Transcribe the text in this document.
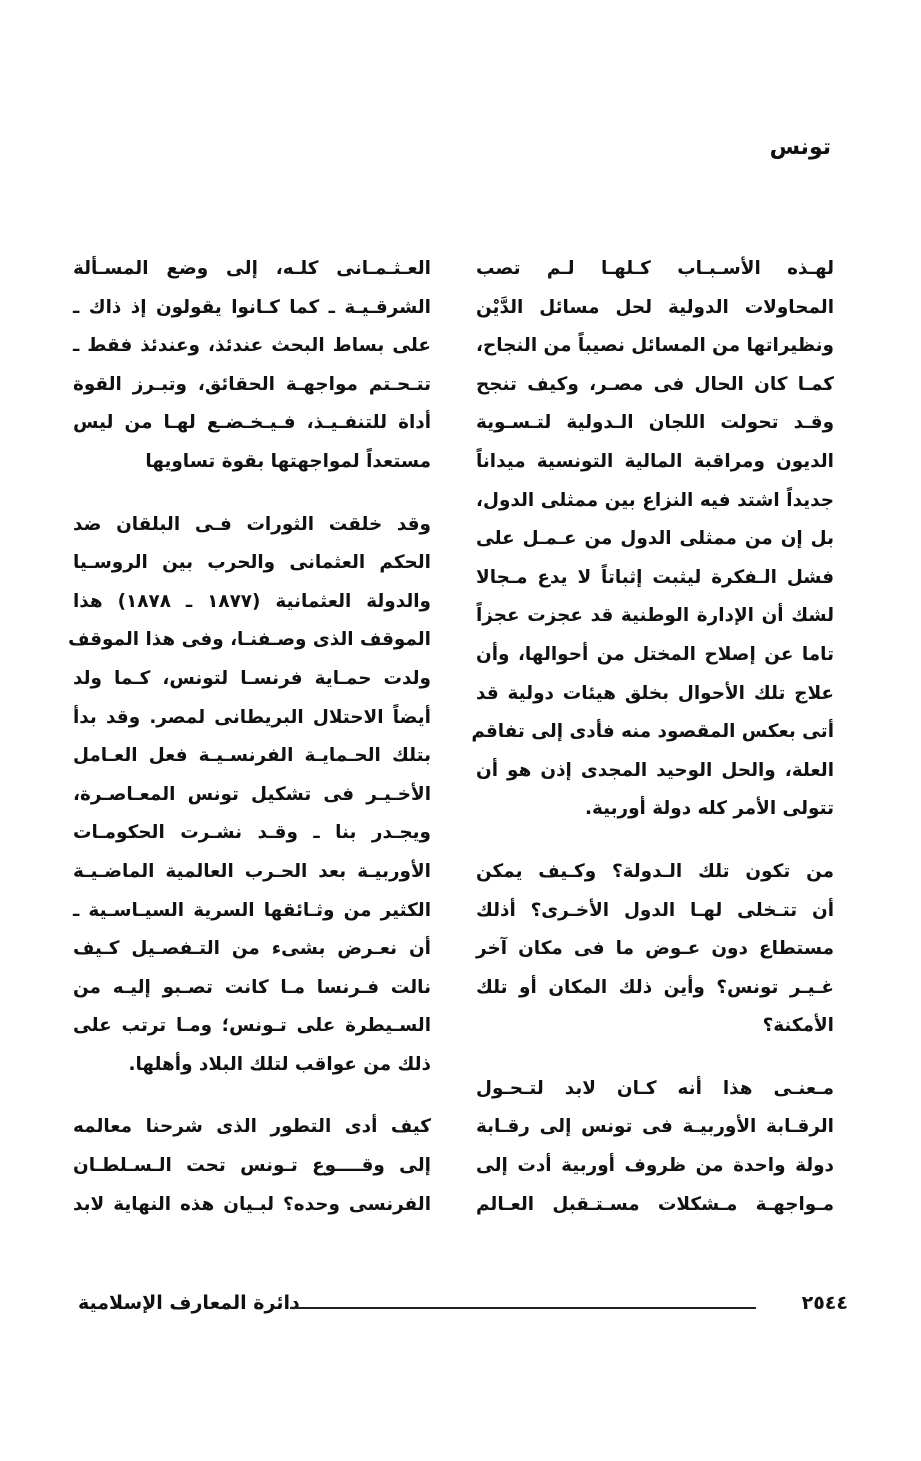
تونس

لهـذه الأسـبـاب كـلهـا لـم تصب
المحاولات الدولية لحل مسائل الدَّيْن
ونظيراتها من المسائل نصيباً من النجاح،
كمـا كان الحال فى مصـر، وكيف تنجح
وقـد تحولت اللجان الـدولية لتـسـوية
الديون ومراقبة المالية التونسية ميداناً
جديداً اشتد فيه النزاع بين ممثلى الدول،
بل إن من ممثلى الدول من عـمـل على
فشل الـفكرة ليثبت إثباتاً لا يدع مـجالا
لشك أن الإدارة الوطنية قد عجزت عجزاً
تاما عن إصلاح المختل من أحوالها، وأن
علاج تلك الأحوال بخلق هيئات دولية قد
أتى بعكس المقصود منه فأدى إلى تفاقم
العلة، والحل الوحيد المجدى إذن هو أن
تتولى الأمر كله دولة أوربية.

من تكون تلك الـدولة؟ وكـيف يمكن
أن تتـخلى لهـا الدول الأخـرى؟ أذلك
مستطاع دون عـوض ما فى مكان آخر
غـيـر تونس؟ وأين ذلك المكان أو تلك
الأمكنة؟

مـعنـى هذا أنه كـان لابد لتـحـول
الرقـابة الأوربيـة فى تونس إلى رقـابة
دولة واحدة من ظروف أوربية أدت إلى
مـواجهـة مـشكلات مسـتـقبل العـالم

العـثـمـانى كلـه، إلى وضع المسـألة
الشرقـيـة ـ كما كـانوا يقولون إذ ذاك ـ
على بساط البحث عندئذ، وعندئذ فقط ـ
تتـحـتم مواجهـة الحقائق، وتبـرز القوة
أداة للتنفـيـذ، فـيـخـضـع لهـا من ليس
مستعداً لمواجهتها بقوة تساويها

وقد خلقت الثورات فـى البلقان ضد
الحكم العثمانى والحرب بين الروسـيا
والدولة العثمانية (١٨٧٧ ـ ١٨٧٨) هذا
الموقف الذى وصـفنـا، وفى هذا الموقف
ولدت حمـاية فرنسـا لتونس، كـما ولد
أيضاً الاحتلال البريطانى لمصر. وقد بدأ
بتلك الحـمايـة الفرنسـيـة فعل العـامل
الأخـيـر فى تشكيل تونس المعـاصـرة،
ويجـدر بنا ـ وقـد نشـرت الحكومـات
الأوربيـة بعد الحـرب العالمية الماضـيـة
الكثير من وثـائقها السرية السيـاسـية ـ
أن نعـرض بشىء من التـفصـيل كـيف
نالت فـرنسا مـا كانت تصـبو إليـه من
السـيطرة على تـونس؛ ومـا ترتب على
ذلك من عواقب لتلك البلاد وأهلها.

كيف أدى التطور الذى شرحنا معالمه
إلى وقــــوع تـونس تحت الـسـلطـان
الفرنسى وحده؟ لبـيان هذه النهاية لابد

دائرة المعارف الإسلامية	٢٥٤٤
